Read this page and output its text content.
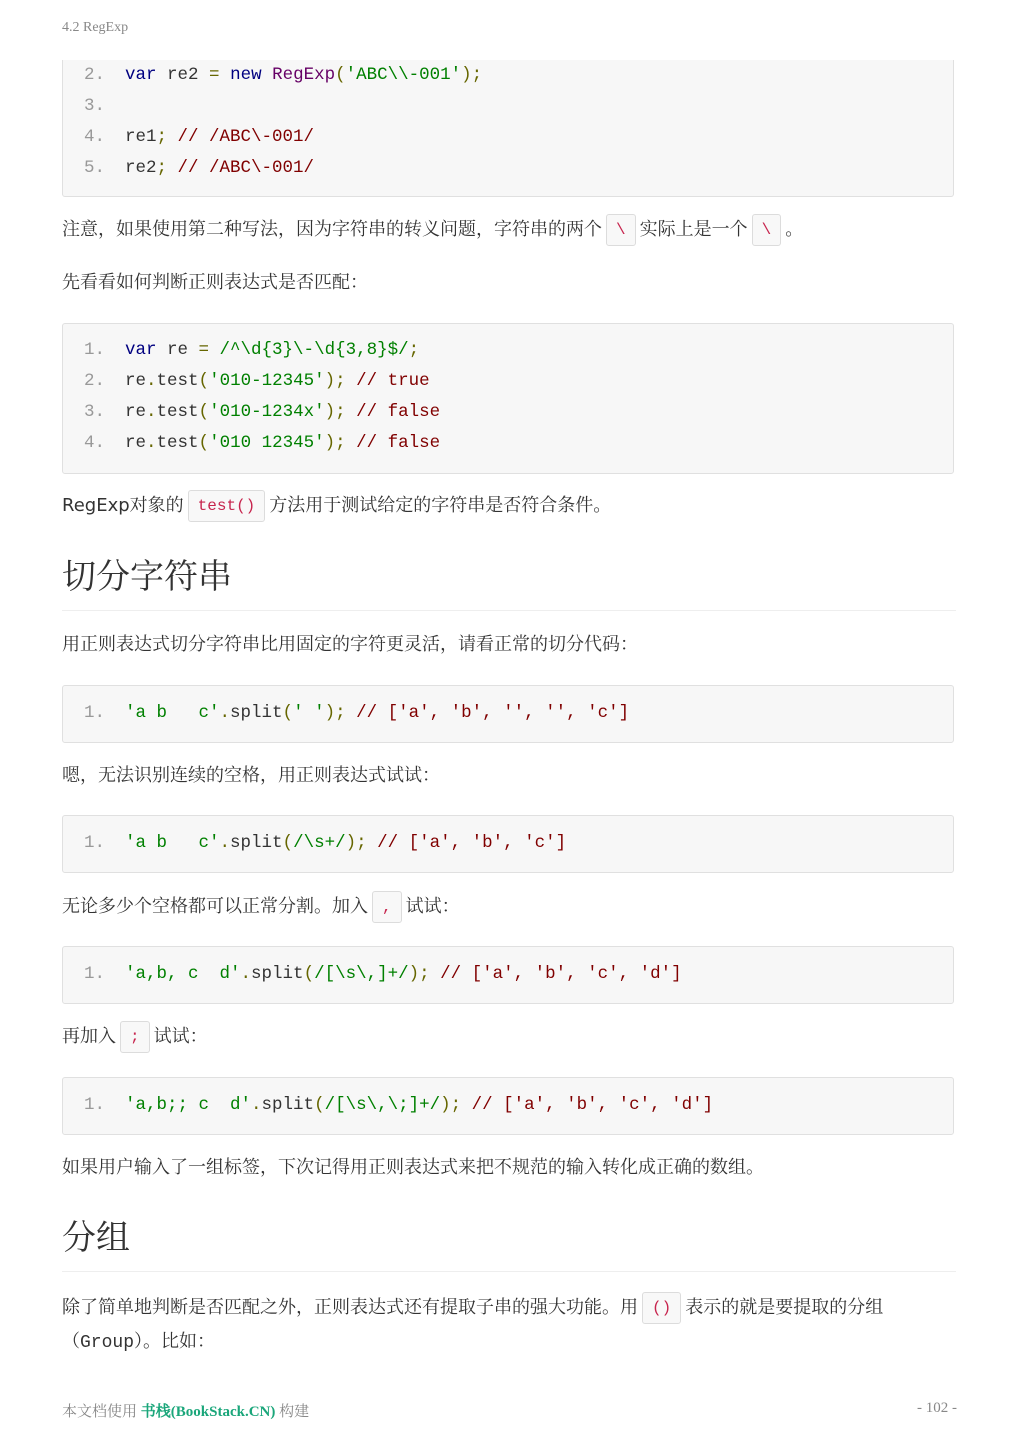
4.2 RegExp
2. var re2 = new RegExp('ABC\\-001');
3.
4. re1; // /ABC\-001/
5. re2; // /ABC\-001/

注意，如果使用第二种写法，因为字符串的转义问题，字符串的两个 \ 实际上是一个 \ 。

先看看如何判断正则表达式是否匹配：

1. var re = /^\d{3}\-\d{3,8}$/;
2. re.test('010-12345'); // true
3. re.test('010-1234x'); // false
4. re.test('010 12345'); // false

RegExp对象的 test() 方法用于测试给定的字符串是否符合条件。

切分字符串

用正则表达式切分字符串比用固定的字符更灵活，请看正常的切分代码：

1. 'a b   c'.split(' '); // ['a', 'b', '', '', 'c']

嗯，无法识别连续的空格，用正则表达式试试：

1. 'a b   c'.split(/\s+/); // ['a', 'b', 'c']

无论多少个空格都可以正常分割。加入 , 试试：

1. 'a,b, c  d'.split(/[\s\,]+/); // ['a', 'b', 'c', 'd']

再加入 ; 试试：

1. 'a,b;; c  d'.split(/[\s\,\;]+/); // ['a', 'b', 'c', 'd']

如果用户输入了一组标签，下次记得用正则表达式来把不规范的输入转化成正确的数组。

分组

除了简单地判断是否匹配之外，正则表达式还有提取子串的强大功能。用 () 表示的就是要提取的分组（Group）。比如：

本文档使用 书栈(BookStack.CN) 构建	- 102 -
